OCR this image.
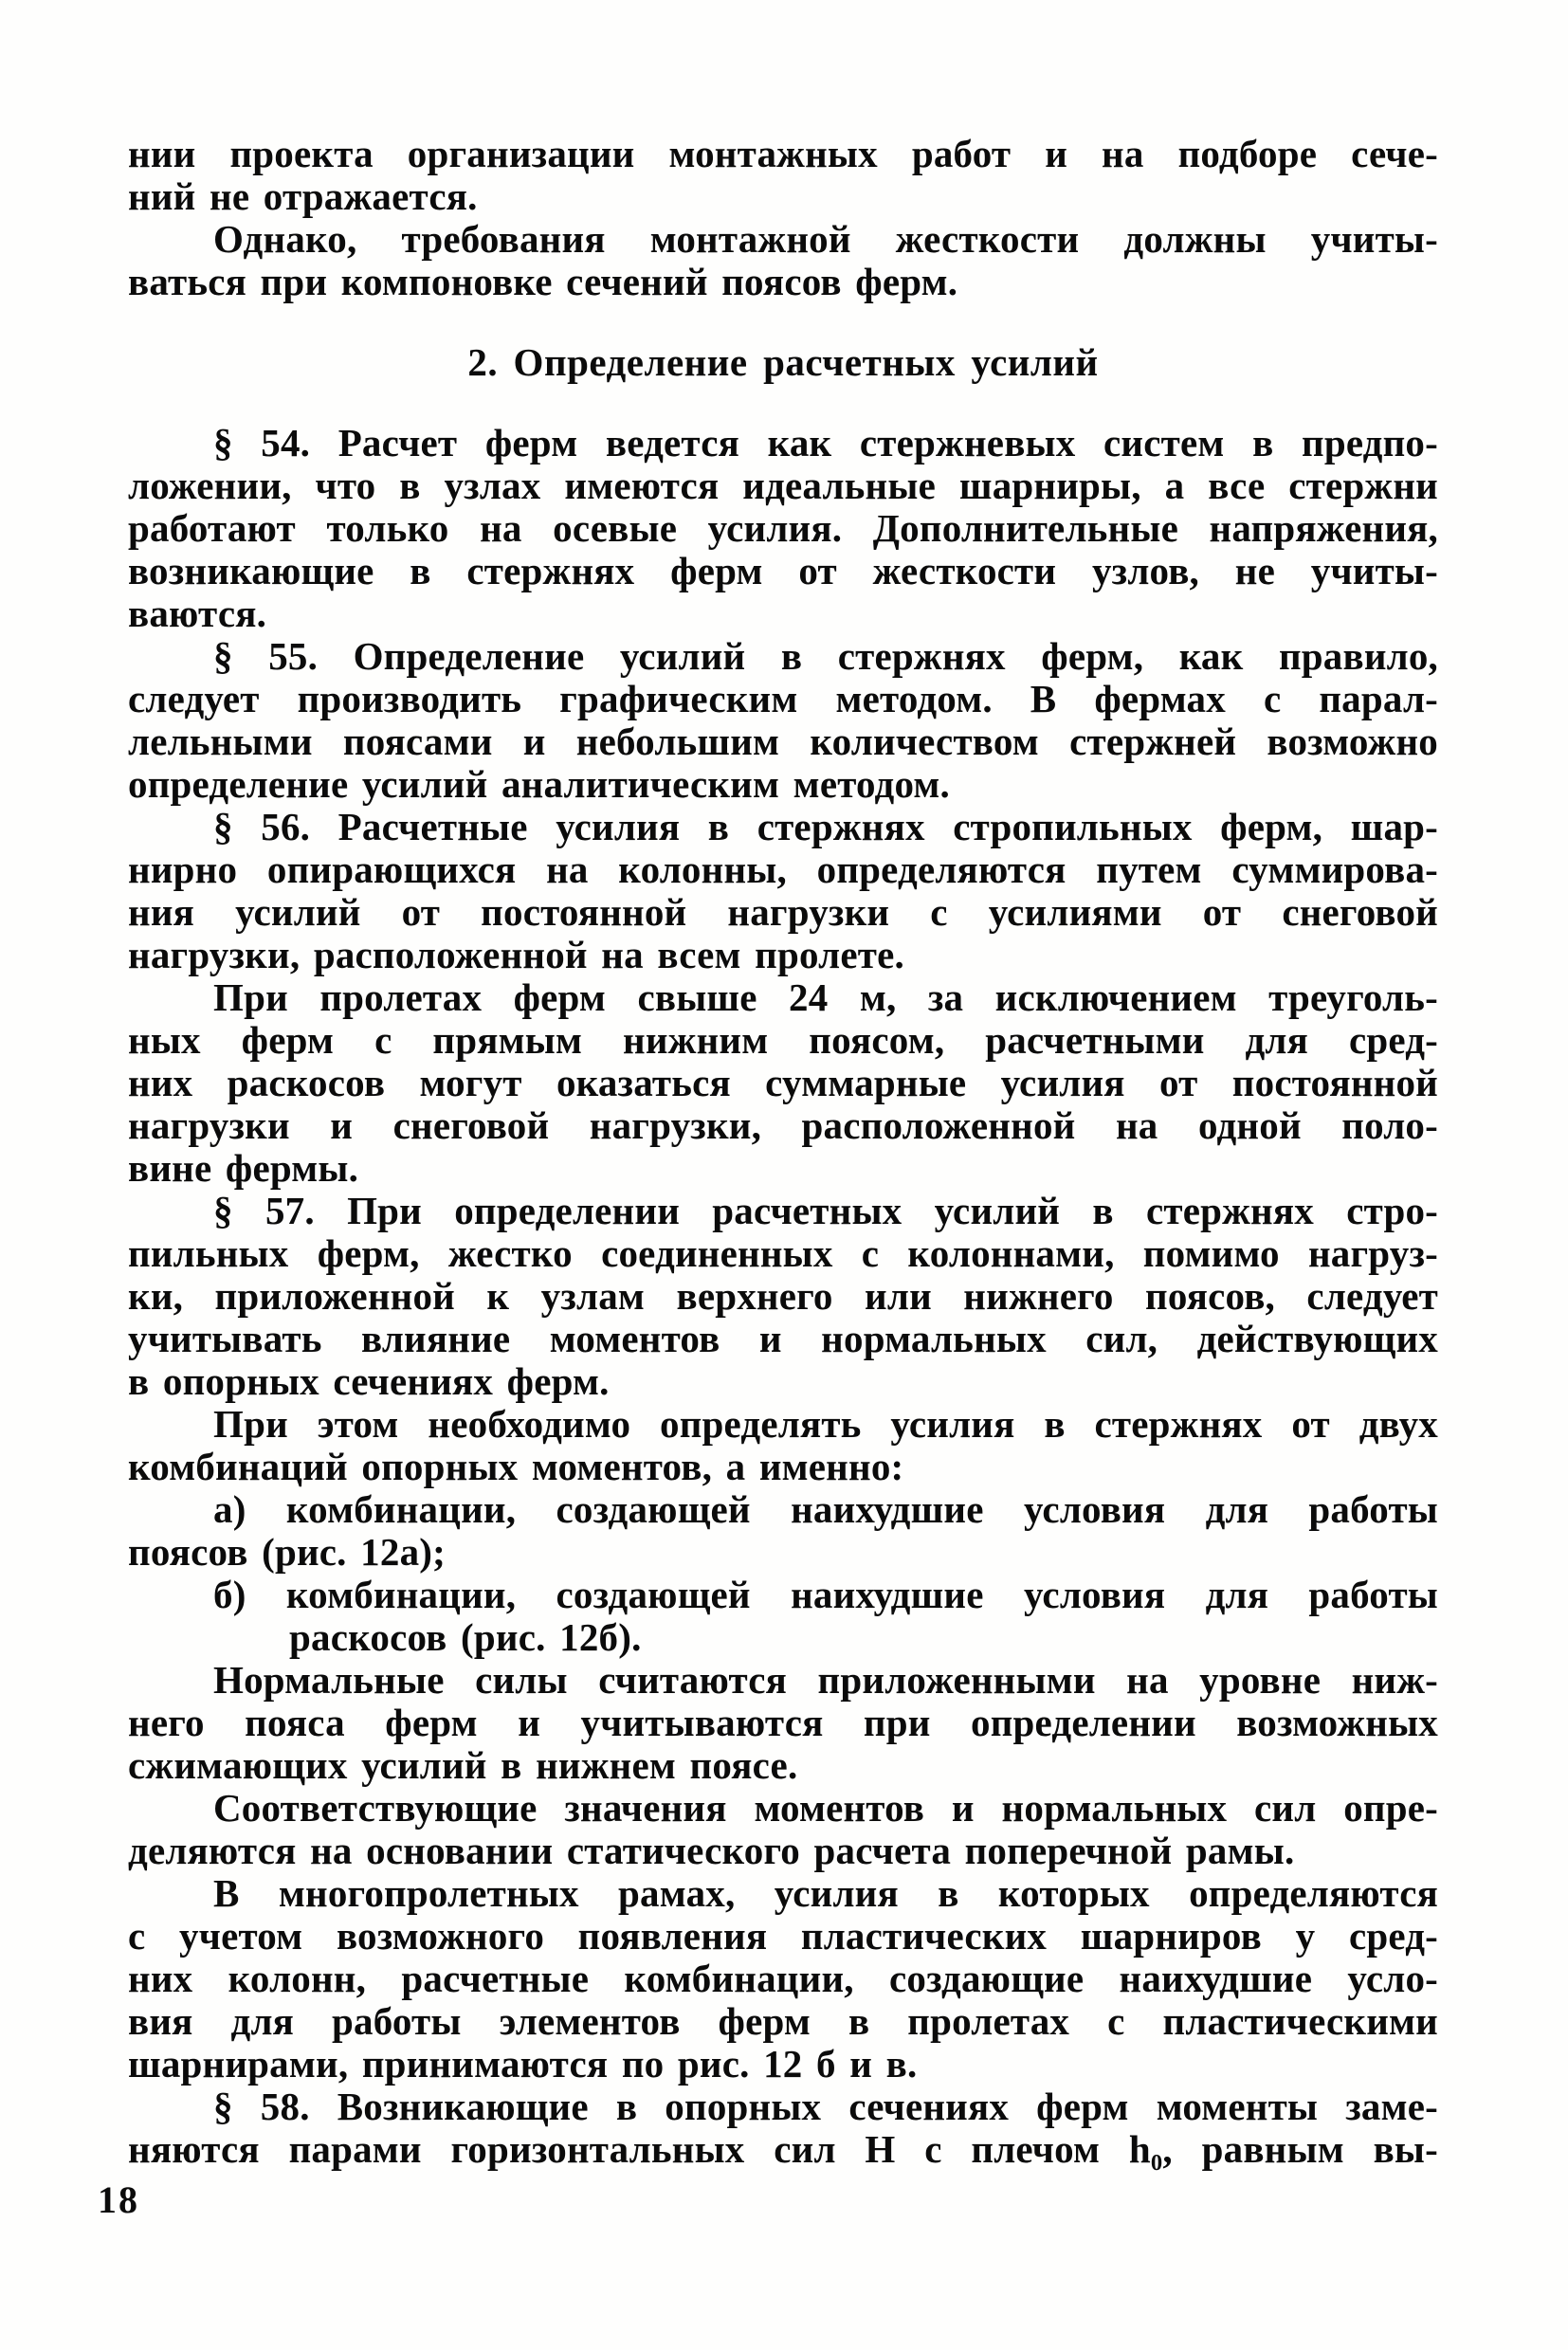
нии проекта организации монтажных работ и на подборе сече-
ний не отражается.
Однако, требования монтажной жесткости должны учиты-
ваться при компоновке сечений поясов ферм.
2. Определение расчетных усилий
§ 54. Расчет ферм ведется как стержневых систем в предпо-
ложении, что в узлах имеются идеальные шарниры, а все стержни
работают только на осевые усилия. Дополнительные напряжения,
возникающие в стержнях ферм от жесткости узлов, не учиты-
ваются.
§ 55. Определение усилий в стержнях ферм, как правило,
следует производить графическим методом. В фермах с парал-
лельными поясами и небольшим количеством стержней возможно
определение усилий аналитическим методом.
§ 56. Расчетные усилия в стержнях стропильных ферм, шар-
нирно опирающихся на колонны, определяются путем суммирова-
ния усилий от постоянной нагрузки с усилиями от снеговой
нагрузки, расположенной на всем пролете.
При пролетах ферм свыше 24 м, за исключением треуголь-
ных ферм с прямым нижним поясом, расчетными для сред-
них раскосов могут оказаться суммарные усилия от постоянной
нагрузки и снеговой нагрузки, расположенной на одной поло-
вине фермы.
§ 57. При определении расчетных усилий в стержнях стро-
пильных ферм, жестко соединенных с колоннами, помимо нагруз-
ки, приложенной к узлам верхнего или нижнего поясов, следует
учитывать влияние моментов и нормальных сил, действующих
в опорных сечениях ферм.
При этом необходимо определять усилия в стержнях от двух
комбинаций опорных моментов, а именно:
а) комбинации, создающей наихудшие условия для работы
поясов (рис. 12а);
б) комбинации, создающей наихудшие условия для работы
раскосов (рис. 12б).
Нормальные силы считаются приложенными на уровне ниж-
него пояса ферм и учитываются при определении возможных
сжимающих усилий в нижнем поясе.
Соответствующие значения моментов и нормальных сил опре-
деляются на основании статического расчета поперечной рамы.
В многопролетных рамах, усилия в которых определяются
с учетом возможного появления пластических шарниров у сред-
них колонн, расчетные комбинации, создающие наихудшие усло-
вия для работы элементов ферм в пролетах с пластическими
шарнирами, принимаются по рис. 12 б и в.
§ 58. Возникающие в опорных сечениях ферм моменты заме-
няются парами горизонтальных сил Н с плечом h₀, равным вы-
18
